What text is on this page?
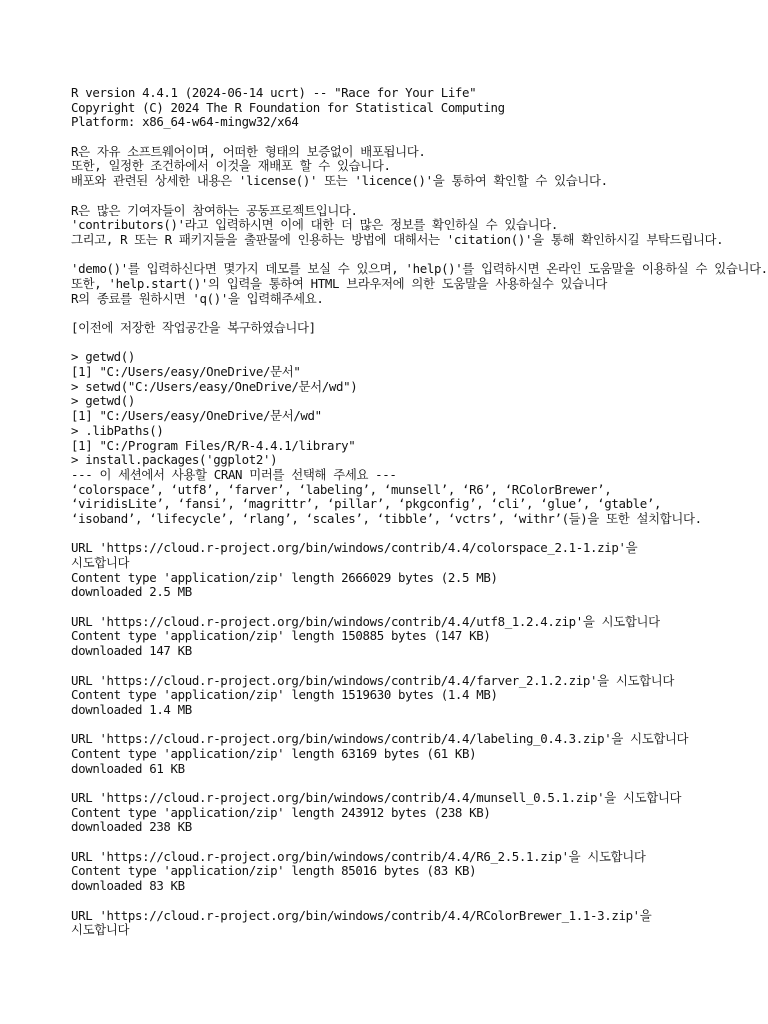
R version 4.4.1 (2024-06-14 ucrt) -- "Race for Your Life"
Copyright (C) 2024 The R Foundation for Statistical Computing
Platform: x86_64-w64-mingw32/x64
R은 자유 소프트웨어이며, 어떠한 형태의 보증없이 배포됩니다.
또한, 일정한 조건하에서 이것을 재배포 할 수 있습니다.
배포와 관련된 상세한 내용은 'license()' 또는 'licence()'을 통하여 확인할 수 있습니다.
R은 많은 기여자들이 참여하는 공동프로젝트입니다.
'contributors()'라고 입력하시면 이에 대한 더 많은 정보를 확인하실 수 있습니다.
그리고, R 또는 R 패키지들을 출판물에 인용하는 방법에 대해서는 'citation()'을 통해 확인하시길 부탁드립니다.
'demo()'를 입력하신다면 몇가지 데모를 보실 수 있으며, 'help()'를 입력하시면 온라인 도움말을 이용하실 수 있습니다.
또한, 'help.start()'의 입력을 통하여 HTML 브라우저에 의한 도움말을 사용하실수 있습니다
R의 종료를 원하시면 'q()'을 입력해주세요.
[이전에 저장한 작업공간을 복구하였습니다]
> getwd()
[1] "C:/Users/easy/OneDrive/문서"
> setwd("C:/Users/easy/OneDrive/문서/wd")
> getwd()
[1] "C:/Users/easy/OneDrive/문서/wd"
> .libPaths()
[1] "C:/Program Files/R/R-4.4.1/library"
> install.packages('ggplot2')
--- 이 세션에서 사용할 CRAN 미러를 선택해 주세요 ---
‘colorspace’, ‘utf8’, ‘farver’, ‘labeling’, ‘munsell’, ‘R6’, ‘RColorBrewer’,
‘viridisLite’, ‘fansi’, ‘magrittr’, ‘pillar’, ‘pkgconfig’, ‘cli’, ‘glue’, ‘gtable’,
‘isoband’, ‘lifecycle’, ‘rlang’, ‘scales’, ‘tibble’, ‘vctrs’, ‘withr’(들)을 또한 설치합니다.
URL 'https://cloud.r-project.org/bin/windows/contrib/4.4/colorspace_2.1-1.zip'을
시도합니다
Content type 'application/zip' length 2666029 bytes (2.5 MB)
downloaded 2.5 MB
URL 'https://cloud.r-project.org/bin/windows/contrib/4.4/utf8_1.2.4.zip'을 시도합니다
Content type 'application/zip' length 150885 bytes (147 KB)
downloaded 147 KB
URL 'https://cloud.r-project.org/bin/windows/contrib/4.4/farver_2.1.2.zip'을 시도합니다
Content type 'application/zip' length 1519630 bytes (1.4 MB)
downloaded 1.4 MB
URL 'https://cloud.r-project.org/bin/windows/contrib/4.4/labeling_0.4.3.zip'을 시도합니다
Content type 'application/zip' length 63169 bytes (61 KB)
downloaded 61 KB
URL 'https://cloud.r-project.org/bin/windows/contrib/4.4/munsell_0.5.1.zip'을 시도합니다
Content type 'application/zip' length 243912 bytes (238 KB)
downloaded 238 KB
URL 'https://cloud.r-project.org/bin/windows/contrib/4.4/R6_2.5.1.zip'을 시도합니다
Content type 'application/zip' length 85016 bytes (83 KB)
downloaded 83 KB
URL 'https://cloud.r-project.org/bin/windows/contrib/4.4/RColorBrewer_1.1-3.zip'을
시도합니다
